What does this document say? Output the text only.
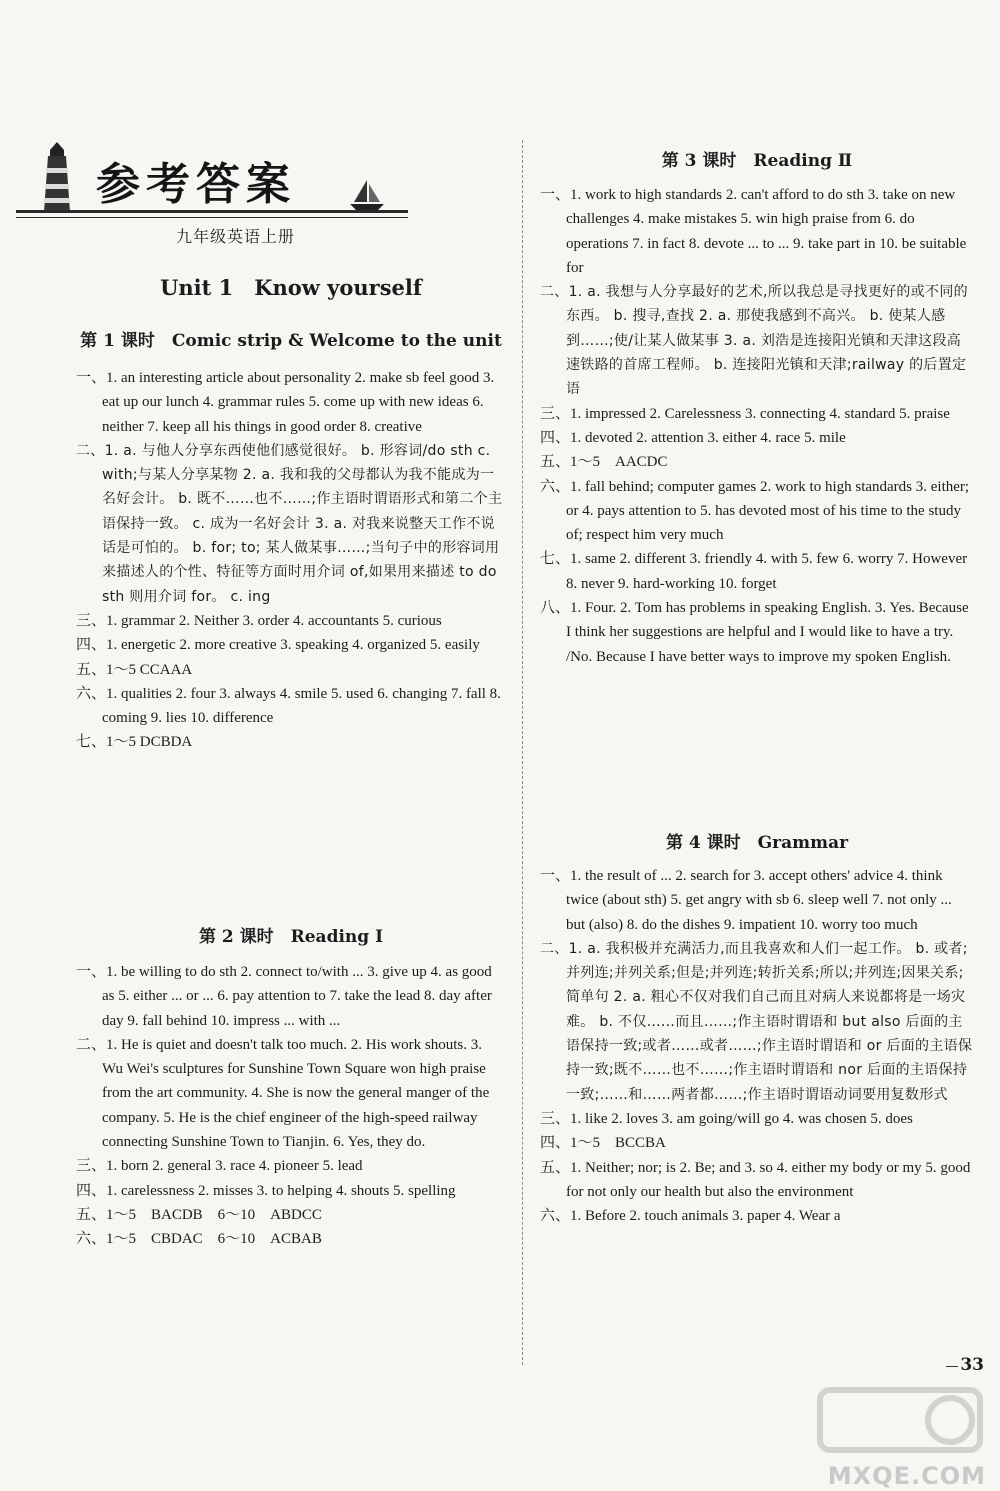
参考答案
九年级英语上册
Unit 1　Know yourself
第 1 课时　Comic strip & Welcome to the unit

一、1. an interesting article about personality 2. make sb feel good 3. eat up our lunch 4. grammar rules 5. come up with new ideas 6. neither 7. keep all his things in good order 8. creative

二、1. a. 与他人分享东西使他们感觉很好。 b. 形容词/do sth c. with;与某人分享某物 2. a. 我和我的父母都认为我不能成为一名好会计。 b. 既不……也不……;作主语时谓语形式和第二个主语保持一致。 c. 成为一名好会计 3. a. 对我来说整天工作不说话是可怕的。 b. for; to; 某人做某事……;当句子中的形容词用来描述人的个性、特征等方面时用介词 of,如果用来描述 to do sth 则用介词 for。 c. ing

三、1. grammar 2. Neither 3. order 4. accountants 5. curious

四、1. energetic 2. more creative 3. speaking 4. organized 5. easily

五、1～5 CCAAA

六、1. qualities 2. four 3. always 4. smile 5. used 6. changing 7. fall 8. coming 9. lies 10. difference

七、1～5 DCBDA

第 2 课时　Reading Ⅰ

一、1. be willing to do sth 2. connect to/with ... 3. give up 4. as good as 5. either ... or ... 6. pay attention to 7. take the lead 8. day after day 9. fall behind 10. impress ... with ...

二、1. He is quiet and doesn't talk too much. 2. His work shouts. 3. Wu Wei's sculptures for Sunshine Town Square won high praise from the art community. 4. She is now the general manger of the company. 5. He is the chief engineer of the high-speed railway connecting Sunshine Town to Tianjin. 6. Yes, they do.

三、1. born 2. general 3. race 4. pioneer 5. lead

四、1. carelessness 2. misses 3. to helping 4. shouts 5. spelling

五、1～5　BACDB　6～10　ABDCC

六、1～5　CBDAC　6～10　ACBAB

第 3 课时　Reading Ⅱ

一、1. work to high standards 2. can't afford to do sth 3. take on new challenges 4. make mistakes 5. win high praise from 6. do operations 7. in fact 8. devote ... to ... 9. take part in 10. be suitable for

二、1. a. 我想与人分享最好的艺术,所以我总是寻找更好的或不同的东西。 b. 搜寻,查找 2. a. 那使我感到不高兴。 b. 使某人感到……;使/让某人做某事 3. a. 刘浩是连接阳光镇和天津这段高速铁路的首席工程师。 b. 连接阳光镇和天津;railway 的后置定语

三、1. impressed 2. Carelessness 3. connecting 4. standard 5. praise

四、1. devoted 2. attention 3. either 4. race 5. mile

五、1～5　AACDC

六、1. fall behind; computer games 2. work to high standards 3. either; or 4. pays attention to 5. has devoted most of his time to the study of; respect him very much

七、1. same 2. different 3. friendly 4. with 5. few 6. worry 7. However 8. never 9. hard-working 10. forget

八、1. Four. 2. Tom has problems in speaking English. 3. Yes. Because I think her suggestions are helpful and I would like to have a try. /No. Because I have better ways to improve my spoken English.

第 4 课时　Grammar

一、1. the result of ... 2. search for 3. accept others' advice 4. think twice (about sth) 5. get angry with sb 6. sleep well 7. not only ... but (also) 8. do the dishes 9. impatient 10. worry too much

二、1. a. 我积极并充满活力,而且我喜欢和人们一起工作。 b. 或者;并列连;并列关系;但是;并列连;转折关系;所以;并列连;因果关系;简单句 2. a. 粗心不仅对我们自己而且对病人来说都将是一场灾难。 b. 不仅……而且……;作主语时谓语和 but also 后面的主语保持一致;或者……或者……;作主语时谓语和 or 后面的主语保持一致;既不……也不……;作主语时谓语和 nor 后面的主语保持一致;……和……两者都……;作主语时谓语动词要用复数形式

三、1. like 2. loves 3. am going/will go 4. was chosen 5. does

四、1～5　BCCBA

五、1. Neither; nor; is 2. Be; and 3. so 4. either my body or my 5. good for not only our health but also the environment

六、1. Before 2. touch animals 3. paper 4. Wear a

33
MXQE.COM
